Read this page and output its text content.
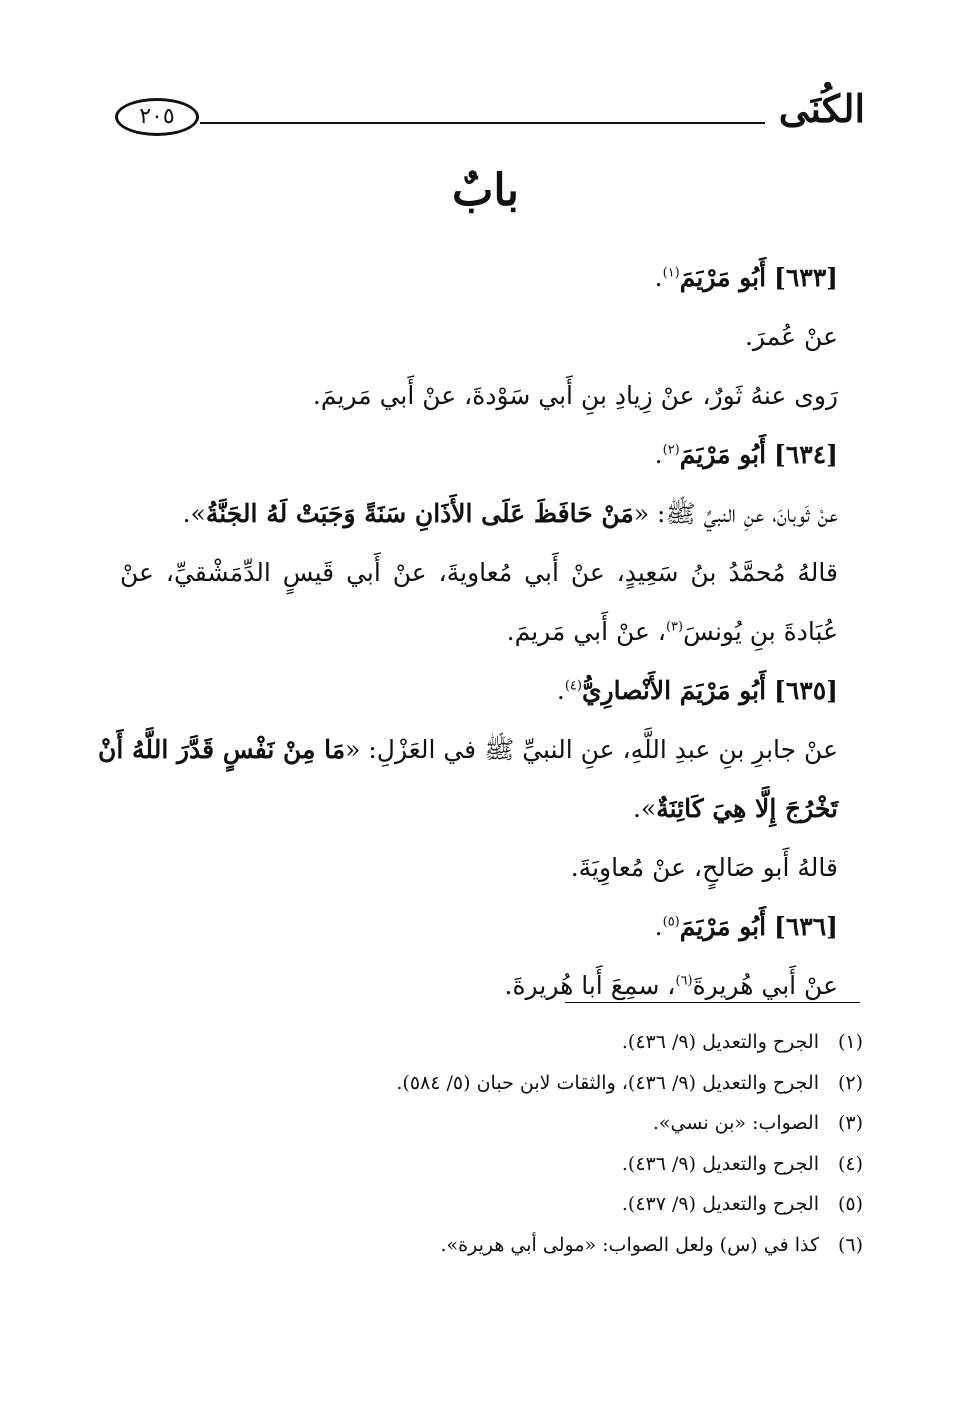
الكُنَى
٢٠٥
بابٌ
[٦٣٣] أَبُو مَرْيَمَ$^{(١)}$.
عنْ عُمرَ.
رَوى عنهُ ثَورٌ، عنْ زِيادِ بنِ أَبي سَوْدةَ، عنْ أَبي مَريمَ.
[٦٣٤] أَبُو مَرْيَمَ$^{(٢)}$.
عنْ ثَوبانَ، عنِ النبيِّ ﷺ: «مَنْ حَافَظَ عَلَى الأَذَانِ سَنَةً وَجَبَتْ لَهُ الجَنَّةُ».
قالهُ مُحمَّدُ بنُ سَعِيدٍ، عنْ أَبي مُعاويةَ، عنْ أَبي قَيسٍ الدِّمَشْقيِّ، عنْ
عُبَادةَ بنِ يُونسَ$^{(٣)}$، عنْ أَبي مَريمَ.
[٦٣٥] أَبُو مَرْيَمَ الأَنْصارِيُّ$^{(٤)}$.
عنْ جابرِ بنِ عبدِ اللَّهِ، عنِ النبيِّ ﷺ في العَزْلِ: «مَا مِنْ نَفْسٍ قَدَّرَ اللَّهُ أَنْ
تَخْرُجَ إِلَّا هِيَ كَائِنَةٌ».
قالهُ أَبو صَالحٍ، عنْ مُعاوِيَةَ.
[٦٣٦] أَبُو مَرْيَمَ$^{(٥)}$.
عنْ أَبي هُريرةَ$^{(٦)}$، سمِعَ أَبا هُريرةَ.
(١)الجرح والتعديل (٩/ ٤٣٦).
(٢)الجرح والتعديل (٩/ ٤٣٦)، والثقات لابن حبان (٥/ ٥٨٤).
(٣)الصواب: «بن نسي».
(٤)الجرح والتعديل (٩/ ٤٣٦).
(٥)الجرح والتعديل (٩/ ٤٣٧).
(٦)كذا في (س) ولعل الصواب: «مولى أبي هريرة».
